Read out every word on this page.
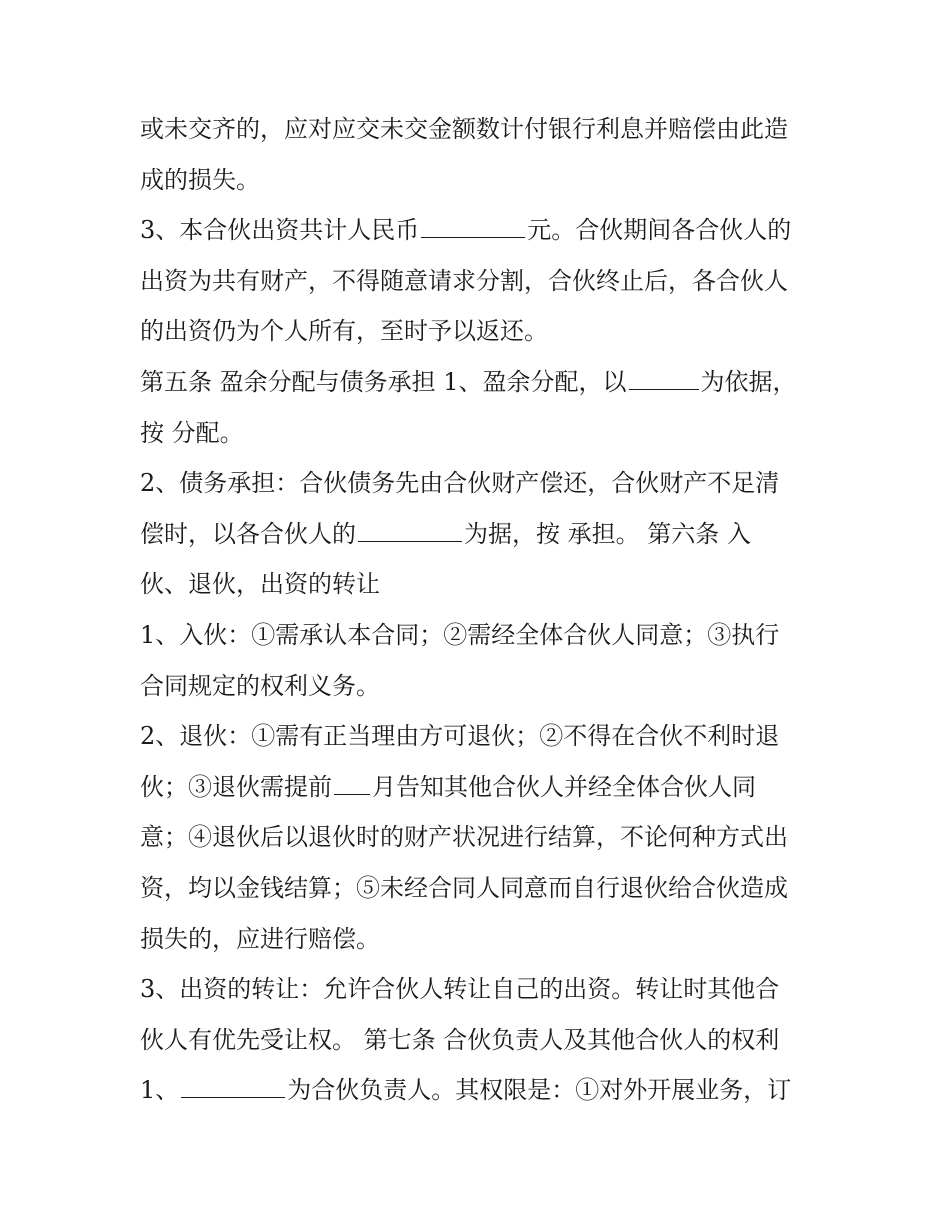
或未交齐的，应对应交未交金额数计付银行利息并赔偿由此造
成的损失。
3、本合伙出资共计人民币	元。合伙期间各合伙人的
出资为共有财产，不得随意请求分割，合伙终止后，各合伙人
的出资仍为个人所有，至时予以返还。
第五条 盈余分配与债务承担 1、盈余分配，以	为依据，
按 分配。
2、债务承担：合伙债务先由合伙财产偿还，合伙财产不足清
偿时，以各合伙人的	为据，按 承担。 第六条 入
伙、退伙，出资的转让
1、入伙：①需承认本合同；②需经全体合伙人同意；③执行
合同规定的权利义务。
2、退伙：①需有正当理由方可退伙；②不得在合伙不利时退
伙；③退伙需提前 月告知其他合伙人并经全体合伙人同
意；④退伙后以退伙时的财产状况进行结算，不论何种方式出
资，均以金钱结算；⑤未经合同人同意而自行退伙给合伙造成
损失的，应进行赔偿。
3、出资的转让：允许合伙人转让自己的出资。转让时其他合
伙人有优先受让权。 第七条 合伙负责人及其他合伙人的权利
1、	为合伙负责人。其权限是：①对外开展业务，订
